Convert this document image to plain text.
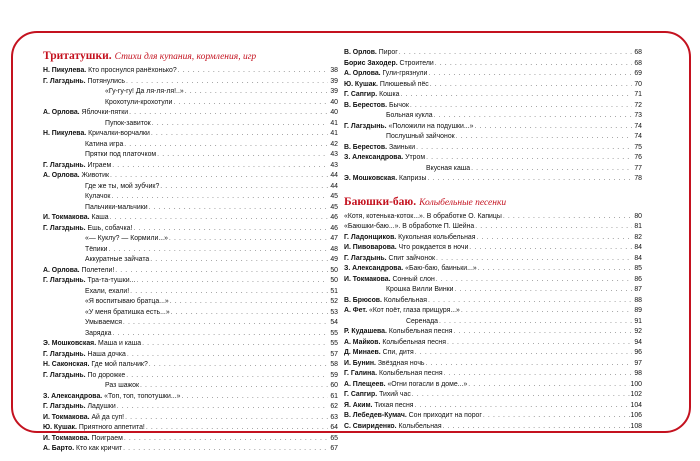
Тритатушки. Стихи для купания, кормления, игр
Н. Пикулева. Кто проснулся ранёхонько? . . .	38
Г. Лагздынь. Потянулись . . .	39
«Гу-гу-гу! Да ля-ля-ля!..» . . .	39
Крохотули-крохотули . . .	40
А. Орлова. Яблочки-пятки . . .	40
Пупок-завиток . . .	41
Н. Пикулева. Кричалки-ворчалки . . .	41
Катина игра . . .	42
Прятки под платочком . . .	43
Г. Лагздынь. Играем . . .	43
А. Орлова. Животик . . .	44
Где же ты, мой зубчик? . . .	44
Кулачок . . .	45
Пальчики-мальчики . . .	45
И. Токмакова. Каша . . .	46
Г. Лагздынь. Ешь, собачка! . . .	46
«— Куклу? — Кормили...» . . .	47
Тёпики . . .	48
Аккуратные зайчата . . .	49
А. Орлова. Полетели! . . .	50
Г. Лагздынь. Тра-та-тушки... . . .	50
Ехали, ехали! . . .	51
«Я воспитываю братца...» . . .	52
«У меня братишка есть...» . . .	53
Умываемся . . .	54
Зарядка . . .	55
Э. Мошковская. Маша и каша . . .	55
Г. Лагздынь. Наша дочка . . .	57
Н. Саконская. Где мой пальчик? . . .	58
Г. Лагздынь. По дорожке . . .	59
Раз шажок . . .	60
З. Александрова. «Топ, топ, топотушки...» . . .	61
Г. Лагздынь. Ладушки . . .	62
И. Токмакова. Ай да суп! . . .	63
Ю. Кушак. Приятного аппетита! . . .	64
И. Токмакова. Поиграем . . .	65
А. Барто. Кто как кричит . . .	67
В. Орлов. Пирог . . .	68
Борис Заходер. Строители . . .	68
А. Орлова. Гули-грязнули . . .	69
Ю. Кушак. Плюшевый пёс . . .	70
Г. Сапгир. Кошка . . .	71
В. Берестов. Бычок . . .	72
Больная кукла . . .	73
Г. Лагздынь. «Положили на подушки...» . . .	74
Послушный зайчонок . . .	74
В. Берестов. Заиньки . . .	75
З. Александрова. Утром . . .	76
Вкусная каша . . .	77
Э. Мошковская. Капризы . . .	78
Баюшки-баю. Колыбельные песенки
«Котя, котенька-коток...». В обработке О. Капицы . . .	80
«Баюшки-баю...». В обработке П. Шейна . . .	81
Г. Ладонщиков. Кукольная колыбельная . . .	82
И. Пивоварова. Что рождается в ночи . . .	84
Г. Лагздынь. Спит зайчонок . . .	84
З. Александрова. «Баю-баю, баиньки...» . . .	85
И. Токмакова. Сонный слон . . .	86
Крошка Вилли Винки . . .	87
В. Брюсов. Колыбельная . . .	88
А. Фет. «Кот поёт, глаза прищуря...» . . .	89
Серенада . . .	91
Р. Кудашева. Колыбельная песня . . .	92
А. Майков. Колыбельная песня . . .	94
Д. Минаев. Спи, дитя . . .	96
И. Бунин. Звёздная ночь . . .	97
Г. Галина. Колыбельная песня . . .	98
А. Плещеев. «Огни погасли в доме...» . . .	100
Г. Сапгир. Тихий час . . .	102
Я. Аким. Тихая песня . . .	104
В. Лебедев-Кумач. Сон приходит на порог . . .	106
С. Свириденко. Колыбельная . . .	108
